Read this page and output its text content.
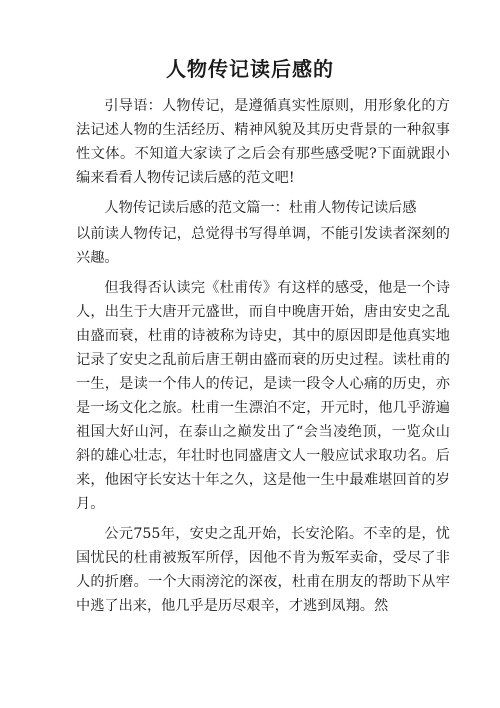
人物传记读后感的

引导语：人物传记，是遵循真实性原则，用形象化的方法记述人物的生活经历、精神风貌及其历史背景的一种叙事性文体。不知道大家读了之后会有那些感受呢?下面就跟小编来看看人物传记读后感的范文吧!

人物传记读后感的范文篇一：杜甫人物传记读后感

以前读人物传记，总觉得书写得单调，不能引发读者深刻的兴趣。

但我得否认读完《杜甫传》有这样的感受，他是一个诗人，出生于大唐开元盛世，而自中晚唐开始，唐由安史之乱由盛而衰，杜甫的诗被称为诗史，其中的原因即是他真实地记录了安史之乱前后唐王朝由盛而衰的历史过程。读杜甫的一生，是读一个伟人的传记，是读一段令人心痛的历史，亦是一场文化之旅。杜甫一生漂泊不定，开元时，他几乎游遍祖国大好山河，在泰山之巅发出了“会当凌绝顶，一览众山斜的雄心壮志，年壮时也同盛唐文人一般应试求取功名。后来，他困守长安达十年之久，这是他一生中最难堪回首的岁月。

公元755年，安史之乱开始，长安沦陷。不幸的是，忧国忧民的杜甫被叛军所俘，因他不肯为叛军卖命，受尽了非人的折磨。一个大雨滂沱的深夜，杜甫在朋友的帮助下从牢中逃了出来，他几乎是历尽艰辛，才逃到凤翔。然
